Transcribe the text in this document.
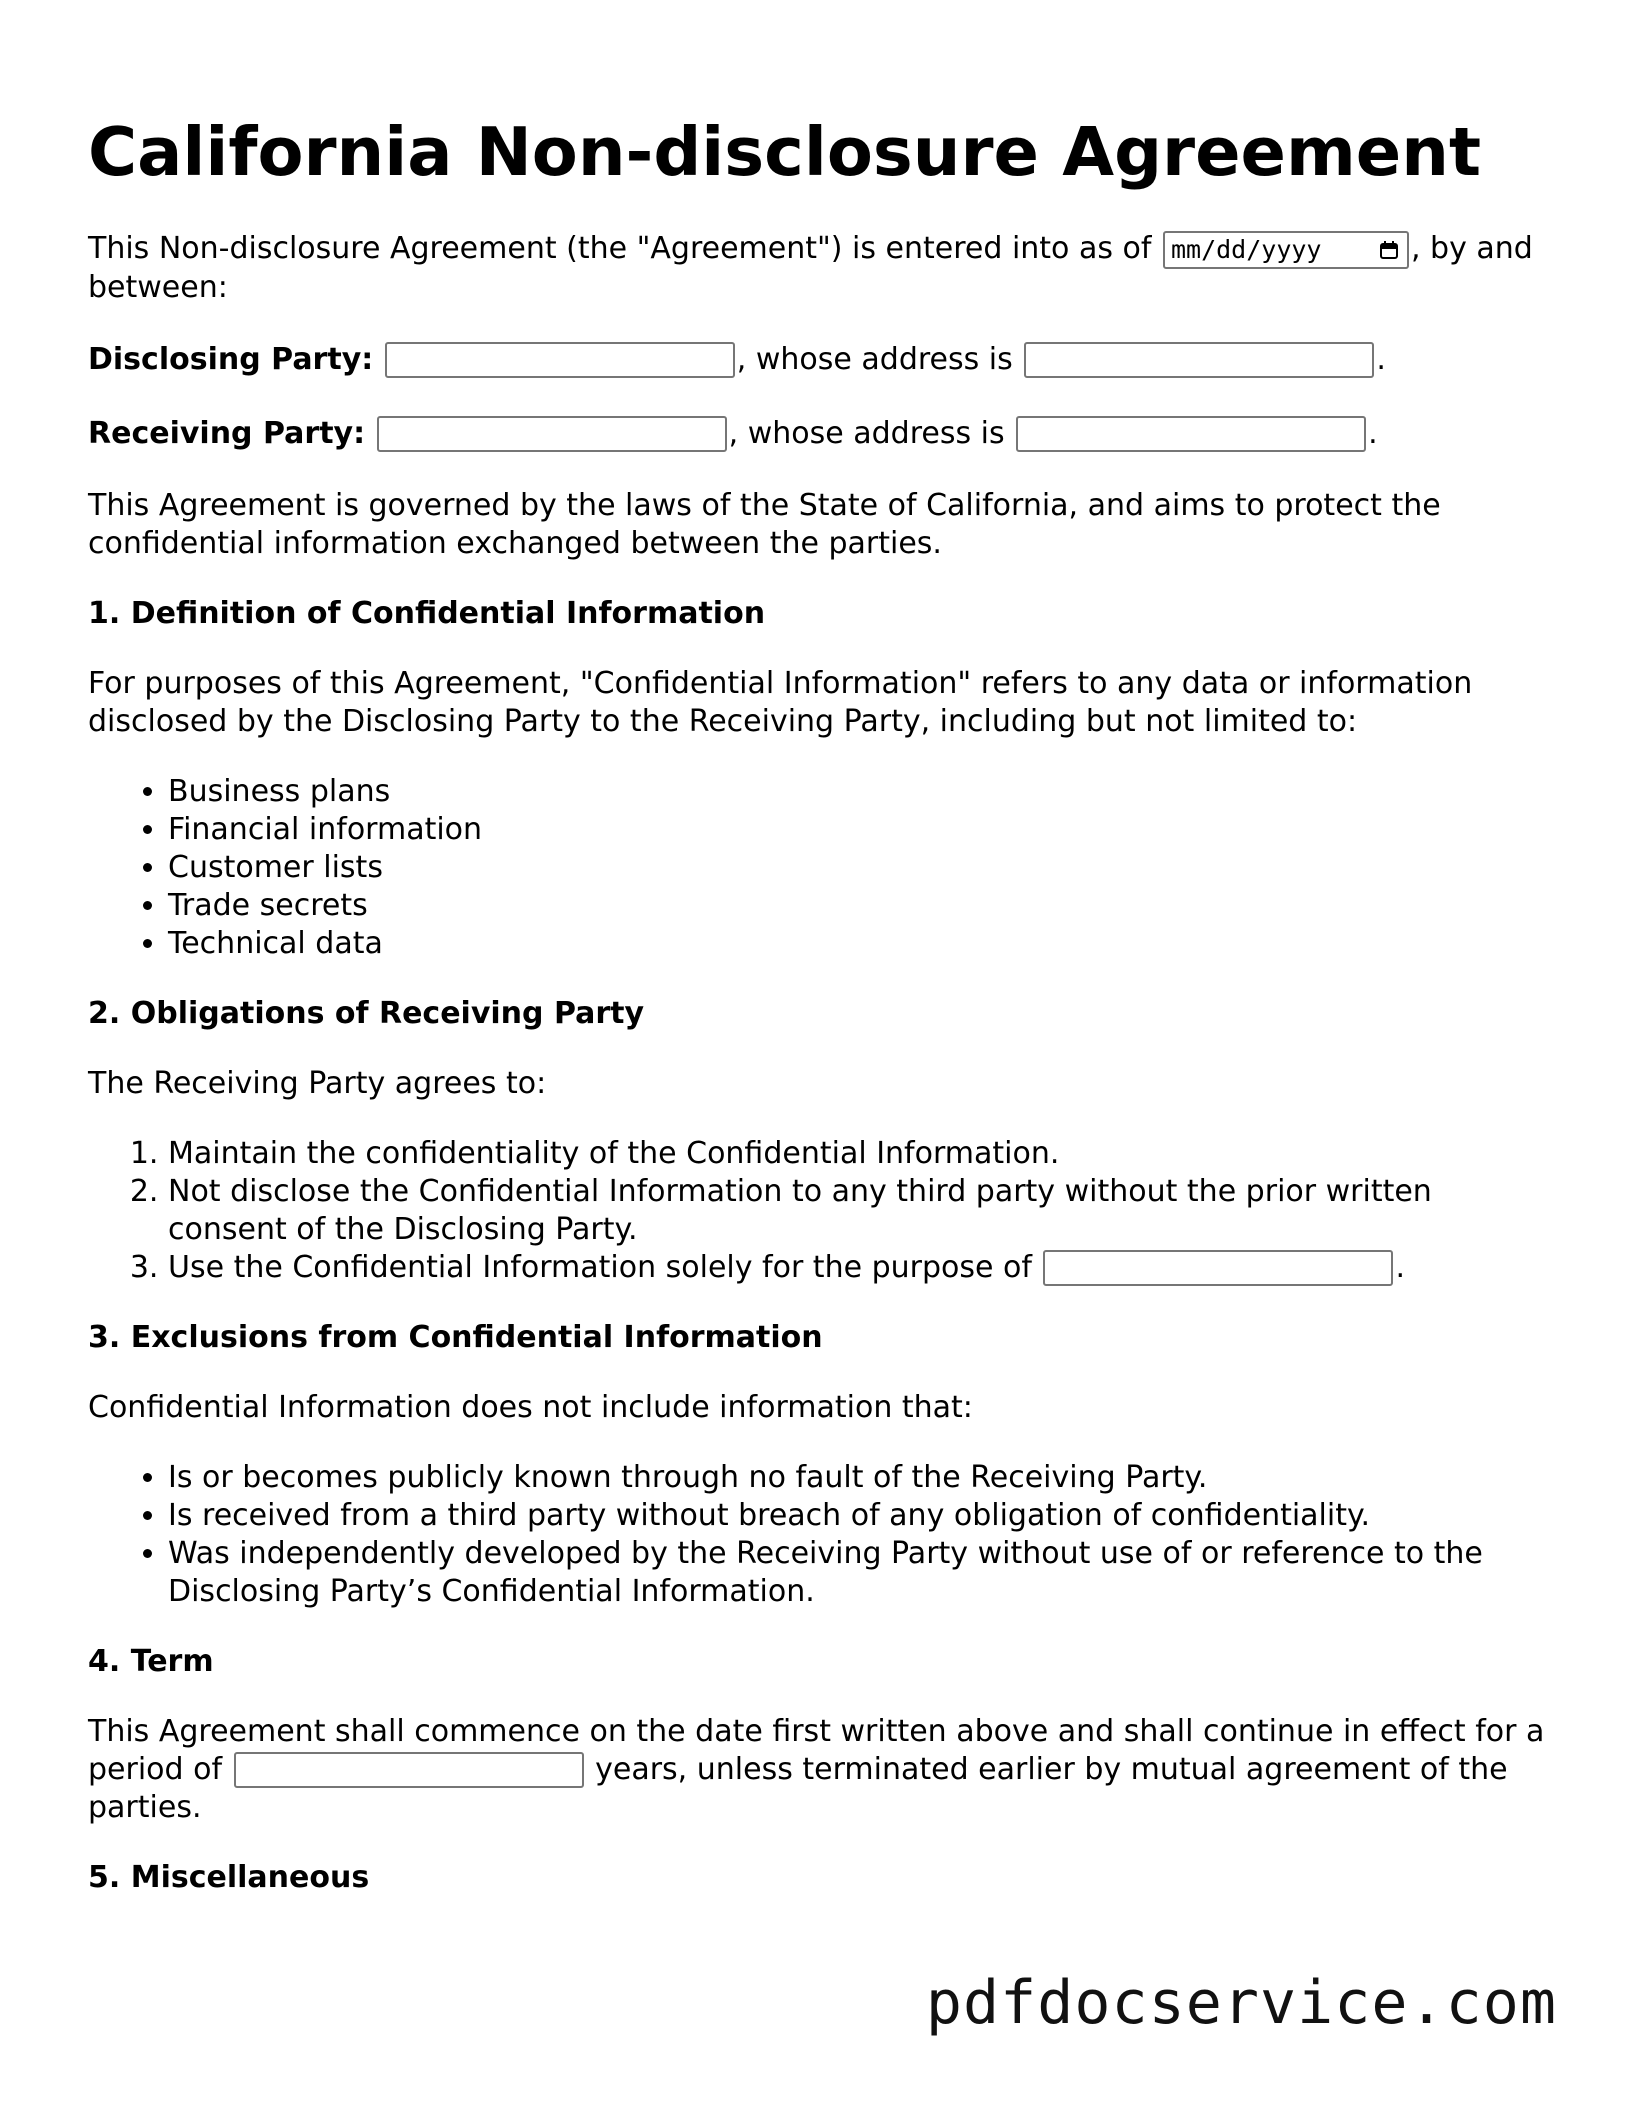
California Non-disclosure Agreement

This Non-disclosure Agreement (the "Agreement") is entered into as of mm/dd/yyyy	, by and between:

Disclosing Party:	, whose address is	.
Receiving Party:	, whose address is	.

This Agreement is governed by the laws of the State of California, and aims to protect the confidential information exchanged between the parties.

1. Definition of Confidential Information

For purposes of this Agreement, "Confidential Information" refers to any data or information disclosed by the Disclosing Party to the Receiving Party, including but not limited to:

• Business plans
• Financial information
• Customer lists
• Trade secrets
• Technical data
2. Obligations of Receiving Party

The Receiving Party agrees to:

1. Maintain the confidentiality of the Confidential Information.
2. Not disclose the Confidential Information to any third party without the prior written consent of the Disclosing Party.
3. Use the Confidential Information solely for the purpose of	.
3. Exclusions from Confidential Information

Confidential Information does not include information that:

• Is or becomes publicly known through no fault of the Receiving Party.
• Is received from a third party without breach of any obligation of confidentiality.
• Was independently developed by the Receiving Party without use of or reference to the Disclosing Party’s Confidential Information.
4. Term

This Agreement shall commence on the date first written above and shall continue in effect for a period of	years, unless terminated earlier by mutual agreement of the parties.

5. Miscellaneous
pdfdocservice.com
